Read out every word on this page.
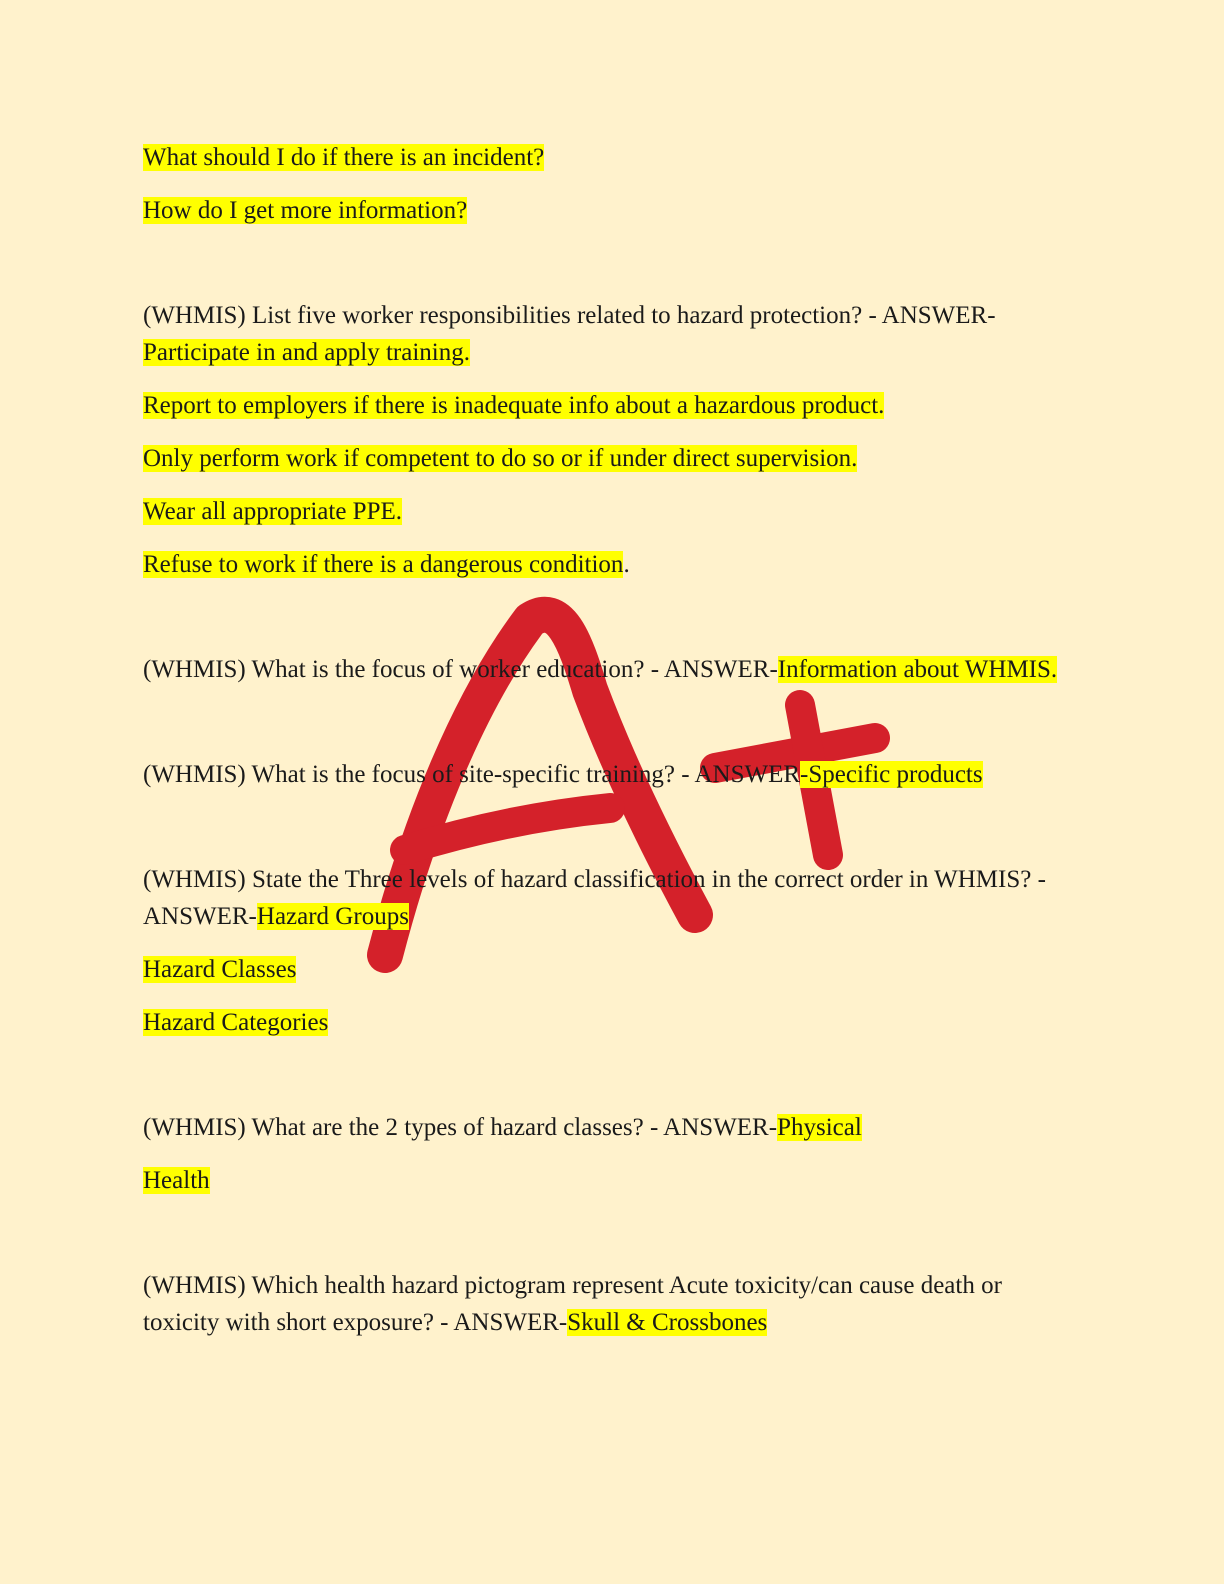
What should I do if there is an incident?

How do I get more information?

(WHMIS) List five worker responsibilities related to hazard protection? - ANSWER-Participate in and apply training.

Report to employers if there is inadequate info about a hazardous product.

Only perform work if competent to do so or if under direct supervision.

Wear all appropriate PPE.

Refuse to work if there is a dangerous condition.

(WHMIS) What is the focus of worker education? - ANSWER-Information about WHMIS.

(WHMIS) What is the focus of site-specific training? - ANSWER-Specific products

(WHMIS) State the Three levels of hazard classification in the correct order in WHMIS? - ANSWER-Hazard Groups

Hazard Classes

Hazard Categories

(WHMIS) What are the 2 types of hazard classes? - ANSWER-Physical

Health

(WHMIS) Which health hazard pictogram represent Acute toxicity/can cause death or toxicity with short exposure? - ANSWER-Skull & Crossbones
